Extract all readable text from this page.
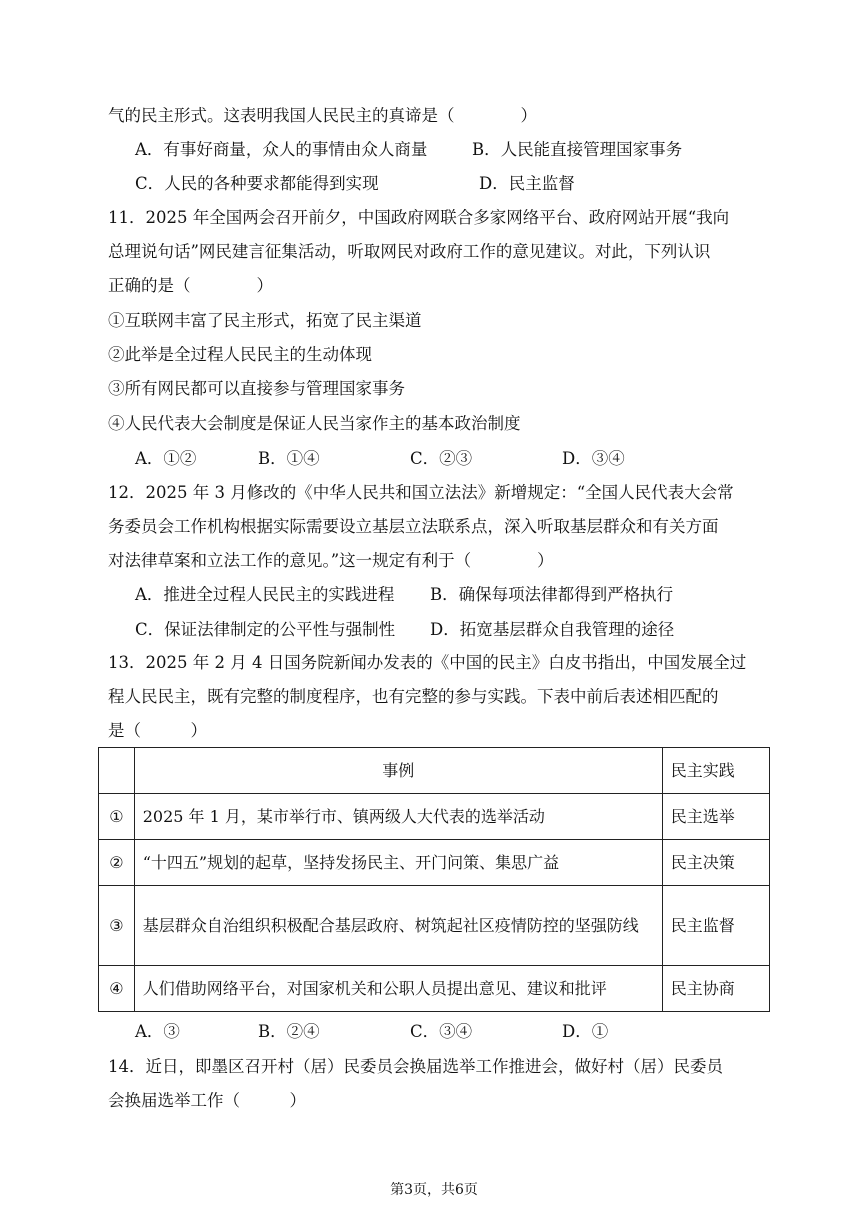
气的民主形式。这表明我国人民民主的真谛是（　　　　）
A．有事好商量，众人的事情由众人商量	B．人民能直接管理国家事务
C．人民的各种要求都能得到实现	D．民主监督
11．2025 年全国两会召开前夕，中国政府网联合多家网络平台、政府网站开展“我向
总理说句话”网民建言征集活动，听取网民对政府工作的意见建议。对此，下列认识
正确的是（　　　　）
①互联网丰富了民主形式，拓宽了民主渠道
②此举是全过程人民民主的生动体现
③所有网民都可以直接参与管理国家事务
④人民代表大会制度是保证人民当家作主的基本政治制度
A．①②	B．①④	C．②③	D．③④
12．2025 年 3 月修改的《中华人民共和国立法法》新增规定：“全国人民代表大会常
务委员会工作机构根据实际需要设立基层立法联系点，深入听取基层群众和有关方面
对法律草案和立法工作的意见。”这一规定有利于（　　　　）
A．推进全过程人民民主的实践进程 B．确保每项法律都得到严格执行
C．保证法律制定的公平性与强制性 D．拓宽基层群众自我管理的途径
13．2025 年 2 月 4 日国务院新闻办发表的《中国的民主》白皮书指出，中国发展全过
程人民民主，既有完整的制度程序，也有完整的参与实践。下表中前后表述相匹配的
是（　　　）
	事例	民主实践
①	2025 年 1 月，某市举行市、镇两级人大代表的选举活动	民主选举
②	“十四五”规划的起草，坚持发扬民主、开门问策、集思广益	民主决策
③	基层群众自治组织积极配合基层政府、树筑起社区疫情防控的坚强防线	民主监督
④	人们借助网络平台，对国家机关和公职人员提出意见、建议和批评	民主协商
A．③	B．②④	C．③④	D．①
14．近日，即墨区召开村（居）民委员会换届选举工作推进会，做好村（居）民委员
会换届选举工作（　　　）
第3页，共6页
